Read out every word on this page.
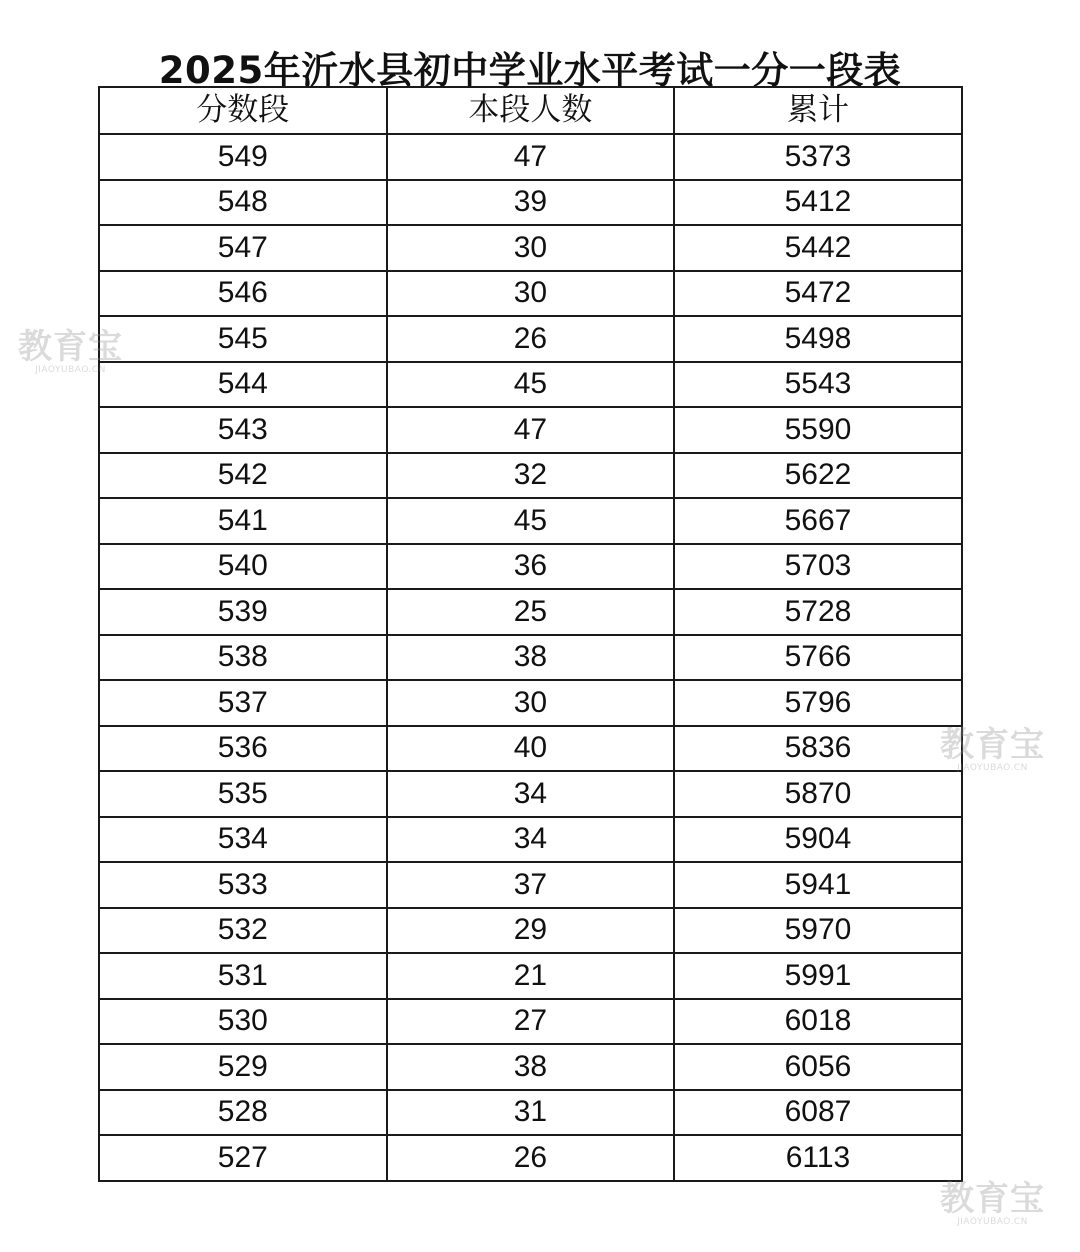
2025年沂水县初中学业水平考试一分一段表
分数段	本段人数	累计
549	47	5373
548	39	5412
547	30	5442
546	30	5472
545	26	5498
544	45	5543
543	47	5590
542	32	5622
541	45	5667
540	36	5703
539	25	5728
538	38	5766
537	30	5796
536	40	5836
535	34	5870
534	34	5904
533	37	5941
532	29	5970
531	21	5991
530	27	6018
529	38	6056
528	31	6087
527	26	6113
教育宝
JIAOYUBAO.CN
教育宝
JIAOYUBAO.CN
教育宝
JIAOYUBAO.CN
